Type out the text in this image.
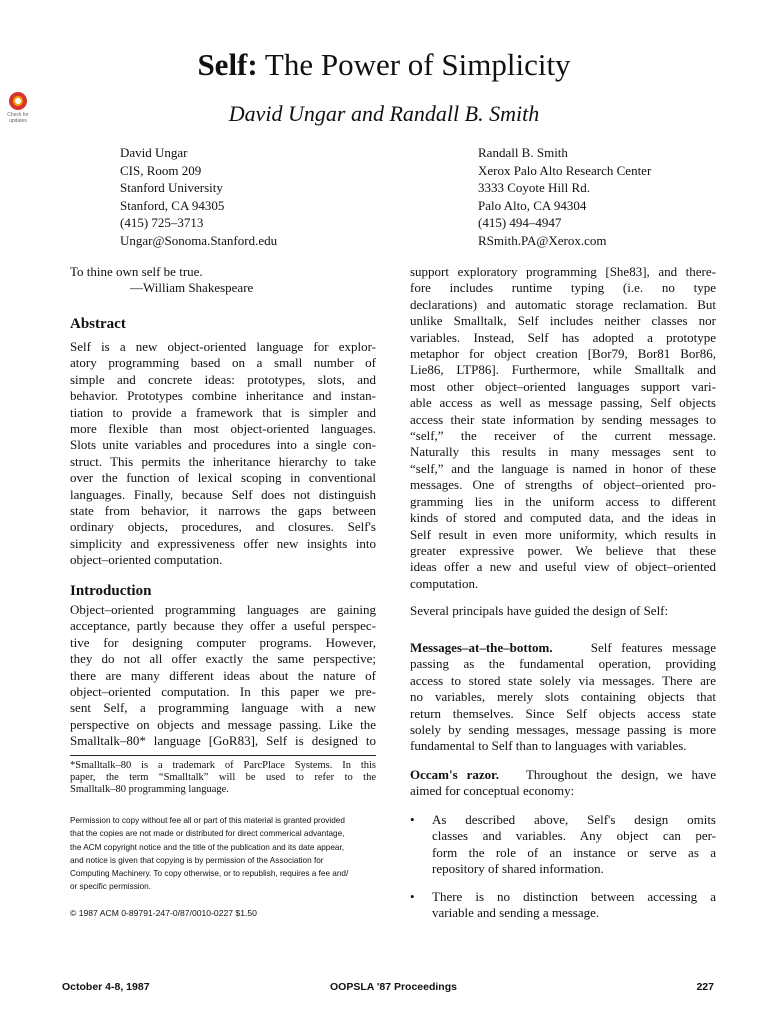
Check for updates
Self: The Power of Simplicity
David Ungar and Randall B. Smith
David Ungar
CIS, Room 209
Stanford University
Stanford, CA 94305
(415) 725–3713
Ungar@Sonoma.Stanford.edu
Randall B. Smith
Xerox Palo Alto Research Center
3333 Coyote Hill Rd.
Palo Alto, CA 94304
(415) 494–4947
RSmith.PA@Xerox.com
To thine own self be true.
—William Shakespeare
Abstract
Self is a new object-oriented language for explor-
atory programming based on a small number of
simple and concrete ideas: prototypes, slots, and
behavior. Prototypes combine inheritance and instan-
tiation to provide a framework that is simpler and
more flexible than most object-oriented languages.
Slots unite variables and procedures into a single con-
struct. This permits the inheritance hierarchy to take
over the function of lexical scoping in conventional
languages. Finally, because Self does not distinguish
state from behavior, it narrows the gaps between
ordinary objects, procedures, and closures. Self's
simplicity and expressiveness offer new insights into
object–oriented computation.
Introduction
Object–oriented programming languages are gaining
acceptance, partly because they offer a useful perspec-
tive for designing computer programs. However,
they do not all offer exactly the same perspective;
there are many different ideas about the nature of
object–oriented computation. In this paper we pre-
sent Self, a programming language with a new
perspective on objects and message passing. Like the
Smalltalk–80* language [GoR83], Self is designed to
*Smalltalk–80 is a trademark of ParcPlace Systems. In this
paper, the term “Smalltalk” will be used to refer to the
Smalltalk–80 programming language.
Permission to copy without fee all or part of this material is granted provided
that the copies are not made or distributed for direct commerical advantage,
the ACM copyright notice and the title of the publication and its date appear,
and notice is given that copying is by permission of the Association for
Computing Machinery. To copy otherwise, or to republish, requires a fee and/
or specific permission.
© 1987 ACM 0-89791-247-0/87/0010-0227 $1.50
support exploratory programming [She83], and there-
fore includes runtime typing (i.e. no type
declarations) and automatic storage reclamation. But
unlike Smalltalk, Self includes neither classes nor
variables. Instead, Self has adopted a prototype
metaphor for object creation [Bor79, Bor81 Bor86,
Lie86, LTP86]. Furthermore, while Smalltalk and
most other object–oriented languages support vari-
able access as well as message passing, Self objects
access their state information by sending messages to
“self,” the receiver of the current message.
Naturally this results in many messages sent to
“self,” and the language is named in honor of these
messages. One of strengths of object–oriented pro-
gramming lies in the uniform access to different
kinds of stored and computed data, and the ideas in
Self result in even more uniformity, which results in
greater expressive power. We believe that these
ideas offer a new and useful view of object–oriented
computation.
Several principals have guided the design of Self:
Messages–at–the–bottom.	Self features message
passing as the fundamental operation, providing
access to stored state solely via messages. There are
no variables, merely slots containing objects that
return themselves. Since Self objects access state
solely by sending messages, message passing is more
fundamental to Self than to languages with variables.
Occam's razor. Throughout the design, we have
aimed for conceptual economy:
• As described above, Self's design omits
classes and variables. Any object can per-
form the role of an instance or serve as a
repository of shared information.
• There is no distinction between accessing a
variable and sending a message.
October 4-8, 1987	OOPSLA '87 Proceedings	227
